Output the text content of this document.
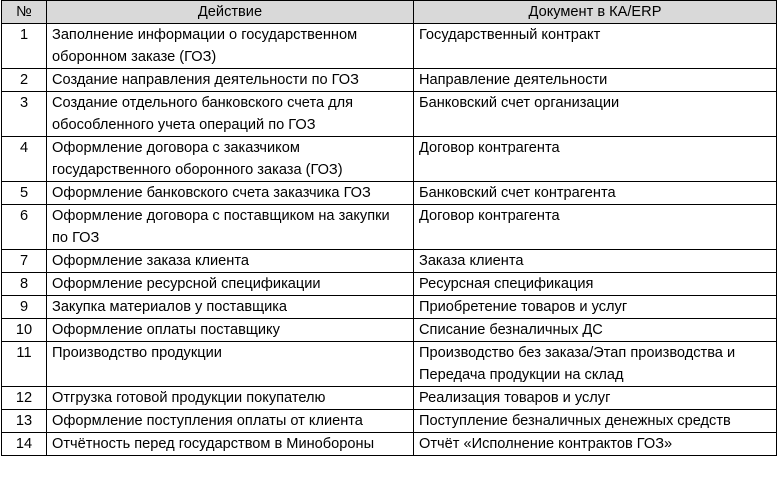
№	Действие	Документ в КА/ERP
1	Заполнение информации о государственном оборонном заказе (ГОЗ)	Государственный контракт
2	Создание направления деятельности по ГОЗ	Направление деятельности
3	Создание отдельного банковского счета для обособленного учета операций по ГОЗ	Банковский счет организации
4	Оформление договора с заказчиком государственного оборонного заказа (ГОЗ)	Договор контрагента
5	Оформление банковского счета заказчика ГОЗ	Банковский счет контрагента
6	Оформление договора с поставщиком на закупки по ГОЗ	Договор контрагента
7	Оформление заказа клиента	Заказа клиента
8	Оформление ресурсной спецификации	Ресурсная спецификация
9	Закупка материалов у поставщика	Приобретение товаров и услуг
10	Оформление оплаты поставщику	Списание безналичных ДС
11	Производство продукции	Производство без заказа/Этап производства и Передача продукции на склад
12	Отгрузка готовой продукции покупателю	Реализация товаров и услуг
13	Оформление поступления оплаты от клиента	Поступление безналичных денежных средств
14	Отчётность перед государством в Минобороны	Отчёт «Исполнение контрактов ГОЗ»
